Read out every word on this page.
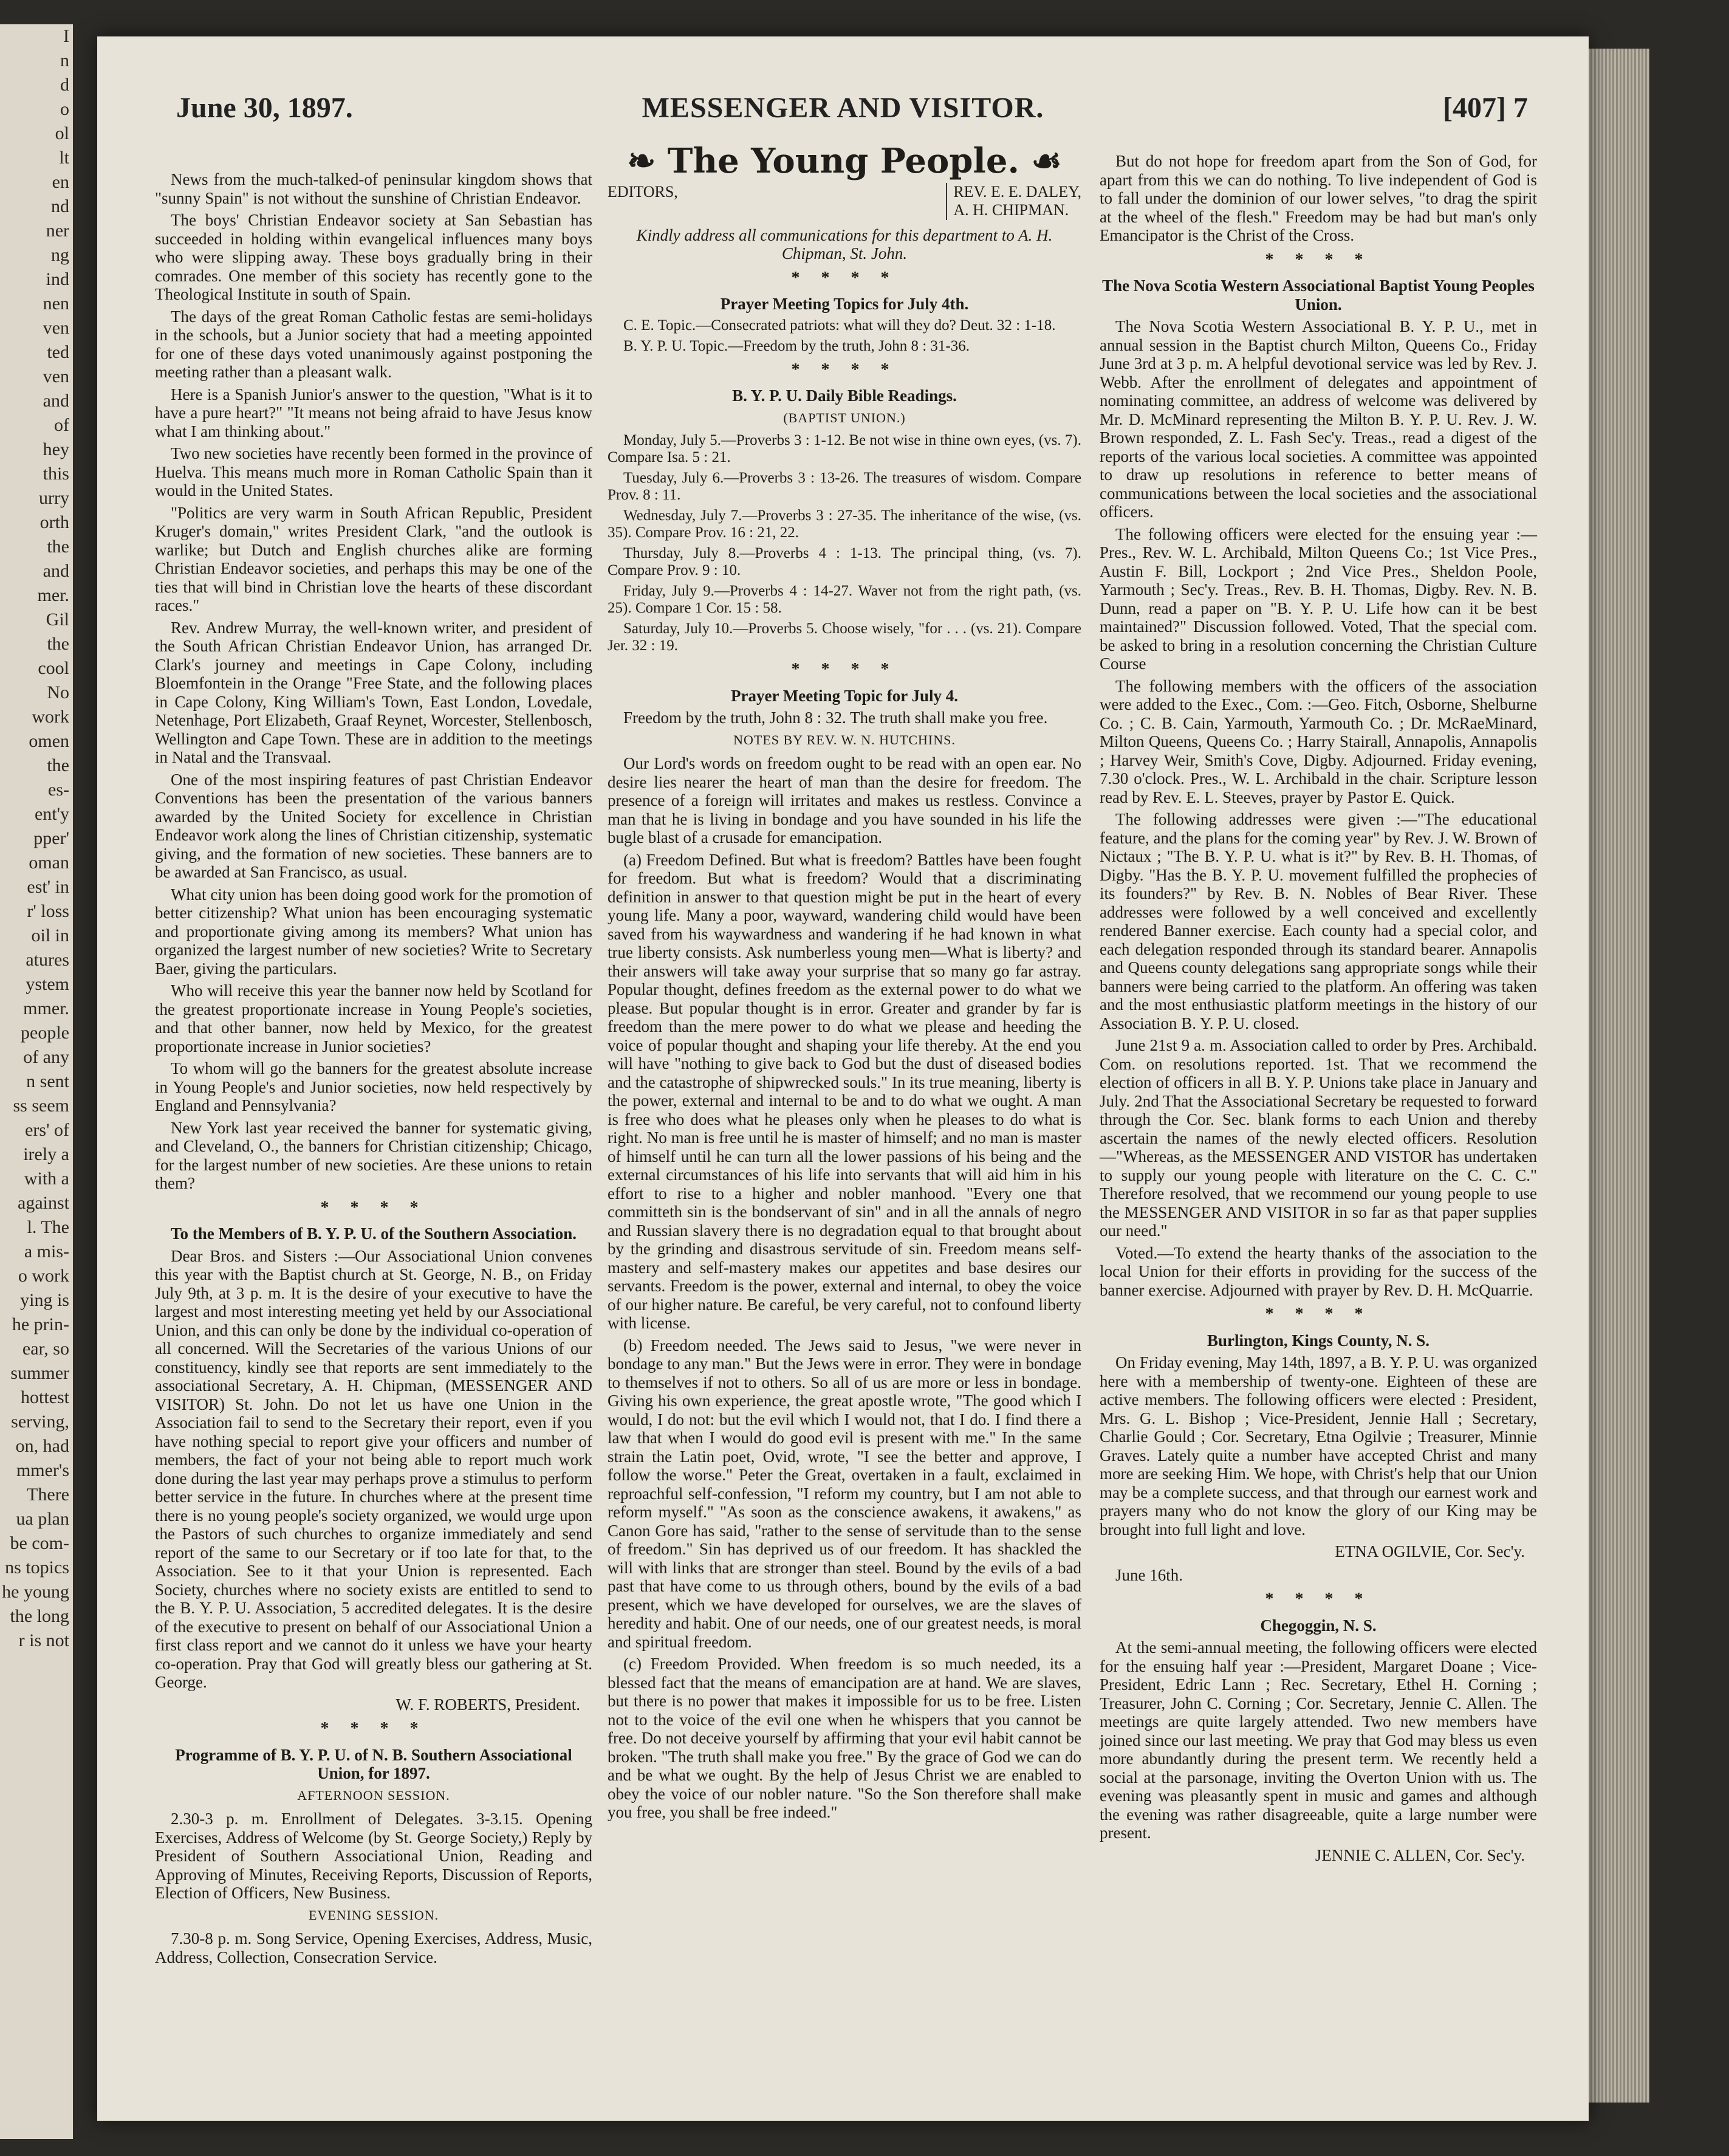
I
n
d
o
ol
lt
en
nd
ner
ng
ind
nen
ven
ted
ven
and
of
hey
this
urry
orth
the
and
mer.
Gil
the
cool
No
work
omen
the
es-
ent'y
pper'
oman
est' in
r' loss
oil in
atures
ystem
mmer.
people
of any
n sent
ss seem
ers' of
irely a
with a
against
l. The
a mis-
o work
ying is
he prin-
ear, so
summer
hottest
serving,
on, had
mmer's
There
ua plan
be com-
ns topics
he young
the long
r is not
June 30, 1897.	MESSENGER AND VISITOR.	[407] 7

News from the much-talked-of peninsular kingdom shows that "sunny Spain" is not without the sunshine of Christian Endeavor.

The boys' Christian Endeavor society at San Sebastian has succeeded in holding within evangelical influences many boys who were slipping away. These boys gradually bring in their comrades. One member of this society has recently gone to the Theological Institute in south of Spain.

The days of the great Roman Catholic festas are semi-holidays in the schools, but a Junior society that had a meeting appointed for one of these days voted unanimously against postponing the meeting rather than a pleasant walk.

Here is a Spanish Junior's answer to the question, "What is it to have a pure heart?" "It means not being afraid to have Jesus know what I am thinking about."

Two new societies have recently been formed in the province of Huelva. This means much more in Roman Catholic Spain than it would in the United States.

"Politics are very warm in South African Republic, President Kruger's domain," writes President Clark, "and the outlook is warlike; but Dutch and English churches alike are forming Christian Endeavor societies, and perhaps this may be one of the ties that will bind in Christian love the hearts of these discordant races."

Rev. Andrew Murray, the well-known writer, and president of the South African Christian Endeavor Union, has arranged Dr. Clark's journey and meetings in Cape Colony, including Bloemfontein in the Orange "Free State, and the following places in Cape Colony, King William's Town, East London, Lovedale, Netenhage, Port Elizabeth, Graaf Reynet, Worcester, Stellenbosch, Wellington and Cape Town. These are in addition to the meetings in Natal and the Transvaal.

One of the most inspiring features of past Christian Endeavor Conventions has been the presentation of the various banners awarded by the United Society for excellence in Christian Endeavor work along the lines of Christian citizenship, systematic giving, and the formation of new societies. These banners are to be awarded at San Francisco, as usual.

What city union has been doing good work for the promotion of better citizenship? What union has been encouraging systematic and proportionate giving among its members? What union has organized the largest number of new societies? Write to Secretary Baer, giving the particulars.

Who will receive this year the banner now held by Scotland for the greatest proportionate increase in Young People's societies, and that other banner, now held by Mexico, for the greatest proportionate increase in Junior societies?

To whom will go the banners for the greatest absolute increase in Young People's and Junior societies, now held respectively by England and Pennsylvania?

New York last year received the banner for systematic giving, and Cleveland, O., the banners for Christian citizenship; Chicago, for the largest number of new societies. Are these unions to retain them?

* * * *
To the Members of B. Y. P. U. of the Southern Association.

Dear Bros. and Sisters :—Our Associational Union convenes this year with the Baptist church at St. George, N. B., on Friday July 9th, at 3 p. m. It is the desire of your executive to have the largest and most interesting meeting yet held by our Associational Union, and this can only be done by the individual co-operation of all concerned. Will the Secretaries of the various Unions of our constituency, kindly see that reports are sent immediately to the associational Secretary, A. H. Chipman, (MESSENGER AND VISITOR) St. John. Do not let us have one Union in the Association fail to send to the Secretary their report, even if you have nothing special to report give your officers and number of members, the fact of your not being able to report much work done during the last year may perhaps prove a stimulus to perform better service in the future. In churches where at the present time there is no young people's society organized, we would urge upon the Pastors of such churches to organize immediately and send report of the same to our Secretary or if too late for that, to the Association. See to it that your Union is represented. Each Society, churches where no society exists are entitled to send to the B. Y. P. U. Association, 5 accredited delegates. It is the desire of the executive to present on behalf of our Associational Union a first class report and we cannot do it unless we have your hearty co-operation. Pray that God will greatly bless our gathering at St. George.

W. F. ROBERTS, President.
* * * *
Programme of B. Y. P. U. of N. B. Southern Associational Union, for 1897.
AFTERNOON SESSION.

2.30-3 p. m. Enrollment of Delegates. 3-3.15. Opening Exercises, Address of Welcome (by St. George Society,) Reply by President of Southern Associational Union, Reading and Approving of Minutes, Receiving Reports, Discussion of Reports, Election of Officers, New Business.

EVENING SESSION.

7.30-8 p. m. Song Service, Opening Exercises, Address, Music, Address, Collection, Consecration Service.

❧ The Young People. ☙
EDITORS,	REV. E. E. DALEY,
A. H. CHIPMAN.
Kindly address all communications for this department to A. H. Chipman, St. John.
* * * *
Prayer Meeting Topics for July 4th.

C. E. Topic.—Consecrated patriots: what will they do? Deut. 32 : 1-18.

B. Y. P. U. Topic.—Freedom by the truth, John 8 : 31-36.

* * * *
B. Y. P. U. Daily Bible Readings.
(BAPTIST UNION.)

Monday, July 5.—Proverbs 3 : 1-12. Be not wise in thine own eyes, (vs. 7). Compare Isa. 5 : 21.

Tuesday, July 6.—Proverbs 3 : 13-26. The treasures of wisdom. Compare Prov. 8 : 11.

Wednesday, July 7.—Proverbs 3 : 27-35. The inheritance of the wise, (vs. 35). Compare Prov. 16 : 21, 22.

Thursday, July 8.—Proverbs 4 : 1-13. The principal thing, (vs. 7). Compare Prov. 9 : 10.

Friday, July 9.—Proverbs 4 : 14-27. Waver not from the right path, (vs. 25). Compare 1 Cor. 15 : 58.

Saturday, July 10.—Proverbs 5. Choose wisely, "for . . . (vs. 21). Compare Jer. 32 : 19.

* * * *
Prayer Meeting Topic for July 4.

Freedom by the truth, John 8 : 32. The truth shall make you free.

NOTES BY REV. W. N. HUTCHINS.

Our Lord's words on freedom ought to be read with an open ear. No desire lies nearer the heart of man than the desire for freedom. The presence of a foreign will irritates and makes us restless. Convince a man that he is living in bondage and you have sounded in his life the bugle blast of a crusade for emancipation.

(a) Freedom Defined. But what is freedom? Battles have been fought for freedom. But what is freedom? Would that a discriminating definition in answer to that question might be put in the heart of every young life. Many a poor, wayward, wandering child would have been saved from his waywardness and wandering if he had known in what true liberty consists. Ask numberless young men—What is liberty? and their answers will take away your surprise that so many go far astray. Popular thought, defines freedom as the external power to do what we please. But popular thought is in error. Greater and grander by far is freedom than the mere power to do what we please and heeding the voice of popular thought and shaping your life thereby. At the end you will have "nothing to give back to God but the dust of diseased bodies and the catastrophe of shipwrecked souls." In its true meaning, liberty is the power, external and internal to be and to do what we ought. A man is free who does what he pleases only when he pleases to do what is right. No man is free until he is master of himself; and no man is master of himself until he can turn all the lower passions of his being and the external circumstances of his life into servants that will aid him in his effort to rise to a higher and nobler manhood. "Every one that committeth sin is the bondservant of sin" and in all the annals of negro and Russian slavery there is no degradation equal to that brought about by the grinding and disastrous servitude of sin. Freedom means self-mastery and self-mastery makes our appetites and base desires our servants. Freedom is the power, external and internal, to obey the voice of our higher nature. Be careful, be very careful, not to confound liberty with license.

(b) Freedom needed. The Jews said to Jesus, "we were never in bondage to any man." But the Jews were in error. They were in bondage to themselves if not to others. So all of us are more or less in bondage. Giving his own experience, the great apostle wrote, "The good which I would, I do not: but the evil which I would not, that I do. I find there a law that when I would do good evil is present with me." In the same strain the Latin poet, Ovid, wrote, "I see the better and approve, I follow the worse." Peter the Great, overtaken in a fault, exclaimed in reproachful self-confession, "I reform my country, but I am not able to reform myself." "As soon as the conscience awakens, it awakens," as Canon Gore has said, "rather to the sense of servitude than to the sense of freedom." Sin has deprived us of our freedom. It has shackled the will with links that are stronger than steel. Bound by the evils of a bad past that have come to us through others, bound by the evils of a bad present, which we have developed for ourselves, we are the slaves of heredity and habit. One of our needs, one of our greatest needs, is moral and spiritual freedom.

(c) Freedom Provided. When freedom is so much needed, its a blessed fact that the means of emancipation are at hand. We are slaves, but there is no power that makes it impossible for us to be free. Listen not to the voice of the evil one when he whispers that you cannot be free. Do not deceive yourself by affirming that your evil habit cannot be broken. "The truth shall make you free." By the grace of God we can do and be what we ought. By the help of Jesus Christ we are enabled to obey the voice of our nobler nature. "So the Son therefore shall make you free, you shall be free indeed."

But do not hope for freedom apart from the Son of God, for apart from this we can do nothing. To live independent of God is to fall under the dominion of our lower selves, "to drag the spirit at the wheel of the flesh." Freedom may be had but man's only Emancipator is the Christ of the Cross.

* * * *
The Nova Scotia Western Associational Baptist Young Peoples Union.

The Nova Scotia Western Associational B. Y. P. U., met in annual session in the Baptist church Milton, Queens Co., Friday June 3rd at 3 p. m. A helpful devotional service was led by Rev. J. Webb. After the enrollment of delegates and appointment of nominating committee, an address of welcome was delivered by Mr. D. McMinard representing the Milton B. Y. P. U. Rev. J. W. Brown responded, Z. L. Fash Sec'y. Treas., read a digest of the reports of the various local societies. A committee was appointed to draw up resolutions in reference to better means of communications between the local societies and the associational officers.

The following officers were elected for the ensuing year :—Pres., Rev. W. L. Archibald, Milton Queens Co.; 1st Vice Pres., Austin F. Bill, Lockport ; 2nd Vice Pres., Sheldon Poole, Yarmouth ; Sec'y. Treas., Rev. B. H. Thomas, Digby. Rev. N. B. Dunn, read a paper on "B. Y. P. U. Life how can it be best maintained?" Discussion followed. Voted, That the special com. be asked to bring in a resolution concerning the Christian Culture Course

The following members with the officers of the association were added to the Exec., Com. :—Geo. Fitch, Osborne, Shelburne Co. ; C. B. Cain, Yarmouth, Yarmouth Co. ; Dr. McRaeMinard, Milton Queens, Queens Co. ; Harry Stairall, Annapolis, Annapolis ; Harvey Weir, Smith's Cove, Digby. Adjourned. Friday evening, 7.30 o'clock. Pres., W. L. Archibald in the chair. Scripture lesson read by Rev. E. L. Steeves, prayer by Pastor E. Quick.

The following addresses were given :—"The educational feature, and the plans for the coming year" by Rev. J. W. Brown of Nictaux ; "The B. Y. P. U. what is it?" by Rev. B. H. Thomas, of Digby. "Has the B. Y. P. U. movement fulfilled the prophecies of its founders?" by Rev. B. N. Nobles of Bear River. These addresses were followed by a well conceived and excellently rendered Banner exercise. Each county had a special color, and each delegation responded through its standard bearer. Annapolis and Queens county delegations sang appropriate songs while their banners were being carried to the platform. An offering was taken and the most enthusiastic platform meetings in the history of our Association B. Y. P. U. closed.

June 21st 9 a. m. Association called to order by Pres. Archibald. Com. on resolutions reported. 1st. That we recommend the election of officers in all B. Y. P. Unions take place in January and July. 2nd That the Associational Secretary be requested to forward through the Cor. Sec. blank forms to each Union and thereby ascertain the names of the newly elected officers. Resolution—"Whereas, as the MESSENGER AND VISTOR has undertaken to supply our young people with literature on the C. C. C." Therefore resolved, that we recommend our young people to use the MESSENGER AND VISITOR in so far as that paper supplies our need."

Voted.—To extend the hearty thanks of the association to the local Union for their efforts in providing for the success of the banner exercise. Adjourned with prayer by Rev. D. H. McQuarrie.

* * * *
Burlington, Kings County, N. S.

On Friday evening, May 14th, 1897, a B. Y. P. U. was organized here with a membership of twenty-one. Eighteen of these are active members. The following officers were elected : President, Mrs. G. L. Bishop ; Vice-President, Jennie Hall ; Secretary, Charlie Gould ; Cor. Secretary, Etna Ogilvie ; Treasurer, Minnie Graves. Lately quite a number have accepted Christ and many more are seeking Him. We hope, with Christ's help that our Union may be a complete success, and that through our earnest work and prayers many who do not know the glory of our King may be brought into full light and love.

ETNA OGILVIE, Cor. Sec'y.

June 16th.

* * * *
Chegoggin, N. S.

At the semi-annual meeting, the following officers were elected for the ensuing half year :—President, Margaret Doane ; Vice-President, Edric Lann ; Rec. Secretary, Ethel H. Corning ; Treasurer, John C. Corning ; Cor. Secretary, Jennie C. Allen. The meetings are quite largely attended. Two new members have joined since our last meeting. We pray that God may bless us even more abundantly during the present term. We recently held a social at the parsonage, inviting the Overton Union with us. The evening was pleasantly spent in music and games and although the evening was rather disagreeable, quite a large number were present.

JENNIE C. ALLEN, Cor. Sec'y.
